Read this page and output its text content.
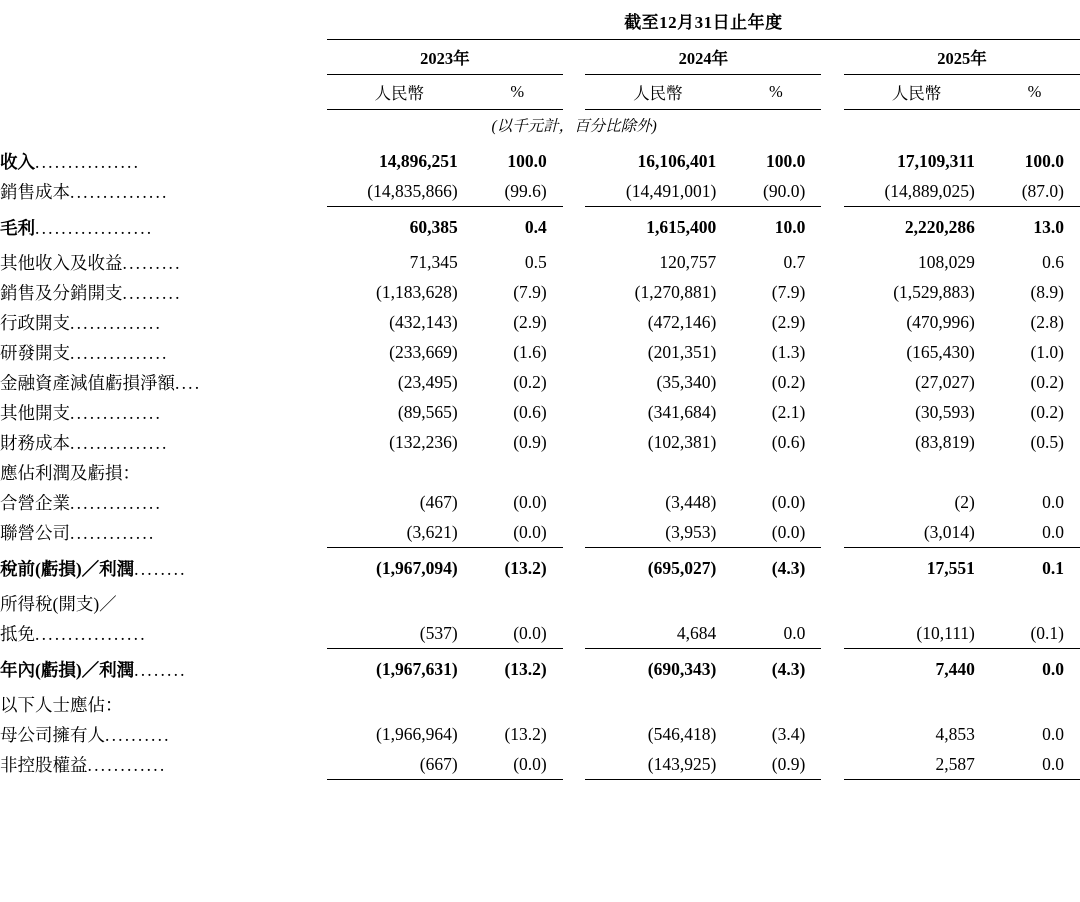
	截至12月31日止年度							
	2023年			2024年			2025年	
	人民幣	%		人民幣	%		人民幣	%
	(以千元計，百分比除外)							
收入................	14,896,251	100.0		16,106,401	100.0		17,109,311	100.0
銷售成本...............	(14,835,866)	(99.6)		(14,491,001)	(90.0)		(14,889,025)	(87.0)

毛利..................	60,385	0.4		1,615,400	10.0		2,220,286	13.0

其他收入及收益.........	71,345	0.5		120,757	0.7		108,029	0.6
銷售及分銷開支.........	(1,183,628)	(7.9)		(1,270,881)	(7.9)		(1,529,883)	(8.9)
行政開支..............	(432,143)	(2.9)		(472,146)	(2.9)		(470,996)	(2.8)
研發開支...............	(233,669)	(1.6)		(201,351)	(1.3)		(165,430)	(1.0)
金融資產減值虧損淨額....	(23,495)	(0.2)		(35,340)	(0.2)		(27,027)	(0.2)
其他開支..............	(89,565)	(0.6)		(341,684)	(2.1)		(30,593)	(0.2)
財務成本...............	(132,236)	(0.9)		(102,381)	(0.6)		(83,819)	(0.5)
應佔利潤及虧損：								
合營企業..............	(467)	(0.0)		(3,448)	(0.0)		(2)	0.0
聯營公司.............	(3,621)	(0.0)		(3,953)	(0.0)		(3,014)	0.0

稅前(虧損)／利潤........	(1,967,094)	(13.2)		(695,027)	(4.3)		17,551	0.1

所得稅(開支)／								
抵免.................	(537)	(0.0)		4,684	0.0		(10,111)	(0.1)

年內(虧損)／利潤........	(1,967,631)	(13.2)		(690,343)	(4.3)		7,440	0.0

以下人士應佔：								
母公司擁有人..........	(1,966,964)	(13.2)		(546,418)	(3.4)		4,853	0.0
非控股權益............	(667)	(0.0)		(143,925)	(0.9)		2,587	0.0
